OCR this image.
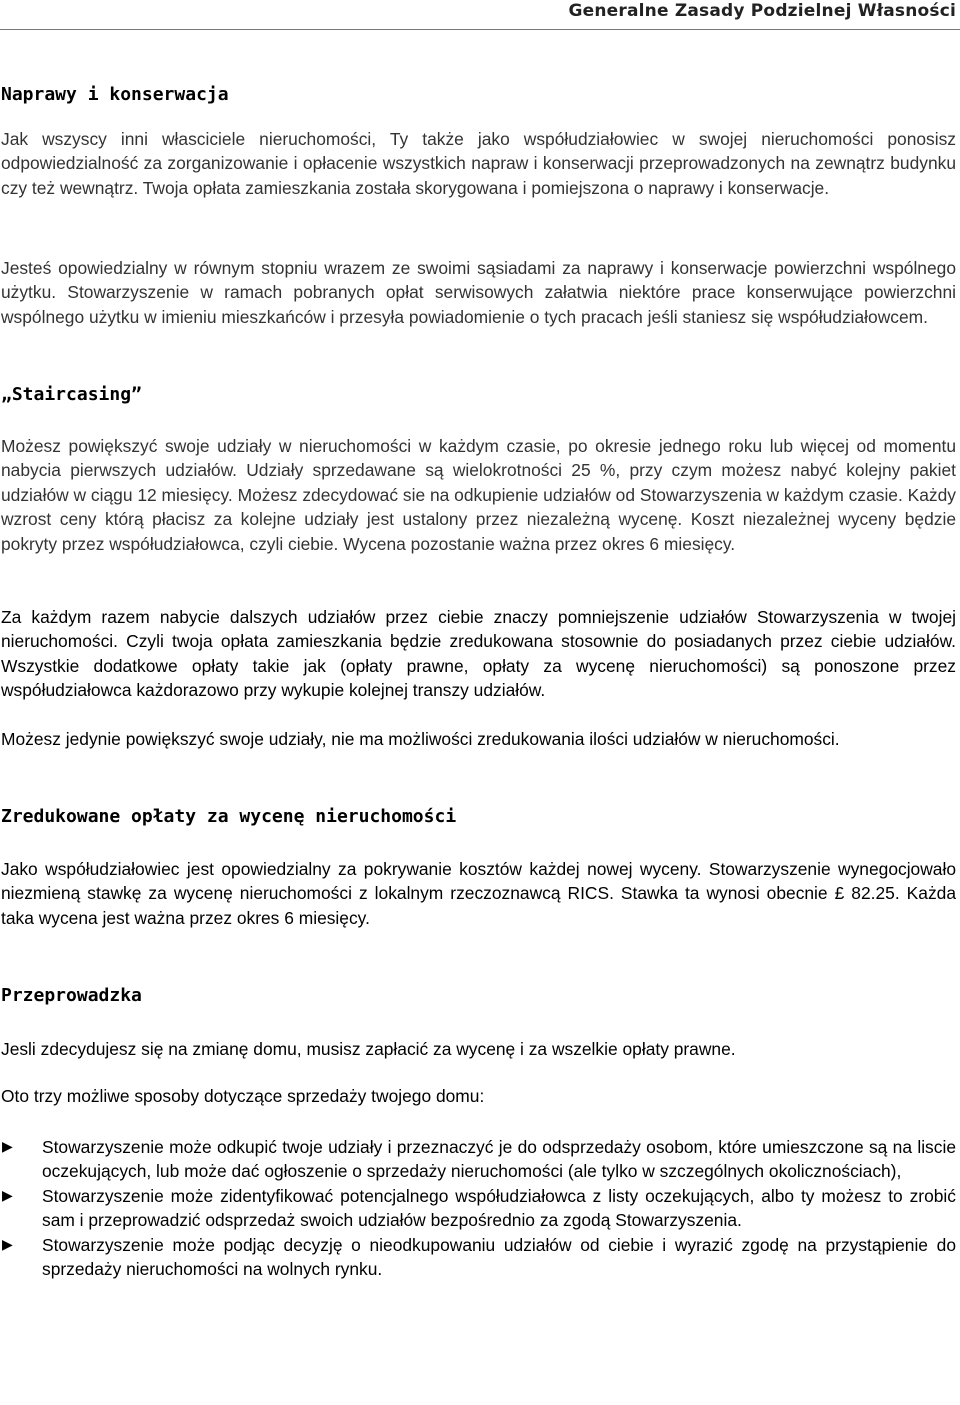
Generalne Zasady Podzielnej Własności
Naprawy i konserwacja

Jak wszyscy inni własciciele nieruchomości, Ty także jako współudziałowiec w swojej nieruchomości ponosisz odpowiedzialność za zorganizowanie i opłacenie wszystkich napraw i konserwacji przeprowadzonych na zewnątrz budynku czy też wewnątrz. Twoja opłata zamieszkania została skorygowana i pomiejszona o naprawy i konserwacje.

Jesteś opowiedzialny w równym stopniu wrazem ze swoimi sąsiadami za naprawy i konserwacje powierzchni wspólnego użytku. Stowarzyszenie w ramach pobranych opłat serwisowych załatwia niektóre prace konserwujące powierzchni wspólnego użytku w imieniu mieszkańców i przesyła powiadomienie o tych pracach jeśli staniesz się współudziałowcem.

„Staircasing”

Możesz powiększyć swoje udziały w nieruchomości w każdym czasie, po okresie jednego roku lub więcej od momentu nabycia pierwszych udziałów. Udziały sprzedawane są wielokrotności 25 %, przy czym możesz nabyć kolejny pakiet udziałów w ciągu 12 miesięcy. Możesz zdecydować sie na odkupienie udziałów od Stowarzyszenia w każdym czasie. Każdy wzrost ceny którą płacisz za kolejne udziały jest ustalony przez niezależną wycenę. Koszt niezależnej wyceny będzie pokryty przez współudziałowca, czyli ciebie. Wycena pozostanie ważna przez okres 6 miesięcy.

Za każdym razem nabycie dalszych udziałów przez ciebie znaczy pomniejszenie udziałów Stowarzyszenia w twojej nieruchomości. Czyli twoja opłata zamieszkania będzie zredukowana stosownie do posiadanych przez ciebie udziałów. Wszystkie dodatkowe opłaty takie jak (opłaty prawne, opłaty za wycenę nieruchomości) są ponoszone przez współudziałowca każdorazowo przy wykupie kolejnej transzy udziałów.

Możesz jedynie powiększyć swoje udziały, nie ma możliwości zredukowania ilości udziałów w nieruchomości.

Zredukowane opłaty za wycenę nieruchomości

Jako współudziałowiec jest opowiedzialny za pokrywanie kosztów każdej nowej wyceny. Stowarzyszenie wynegocjowało niezmieną stawkę za wycenę nieruchomości z lokalnym rzeczoznawcą RICS. Stawka ta wynosi obecnie £ 82.25. Każda taka wycena jest ważna przez okres 6 miesięcy.

Przeprowadzka

Jesli zdecydujesz się na zmianę domu, musisz zapłacić za wycenę i za wszelkie opłaty prawne.

Oto trzy możliwe sposoby dotyczące sprzedaży twojego domu:

▶ Stowarzyszenie może odkupić twoje udziały i przeznaczyć je do odsprzedaży osobom, które umieszczone są na liscie oczekujących, lub może dać ogłoszenie o sprzedaży nieruchomości (ale tylko w szczególnych okolicznościach),
▶ Stowarzyszenie może zidentyfikować potencjalnego współudziałowca z listy oczekujących, albo ty możesz to zrobić sam i przeprowadzić odsprzedaż swoich udziałów bezpośrednio za zgodą Stowarzyszenia.
▶ Stowarzyszenie może podjąc decyzję o nieodkupowaniu udziałów od ciebie i wyrazić zgodę na przystąpienie do sprzedaży nieruchomości na wolnych rynku.
